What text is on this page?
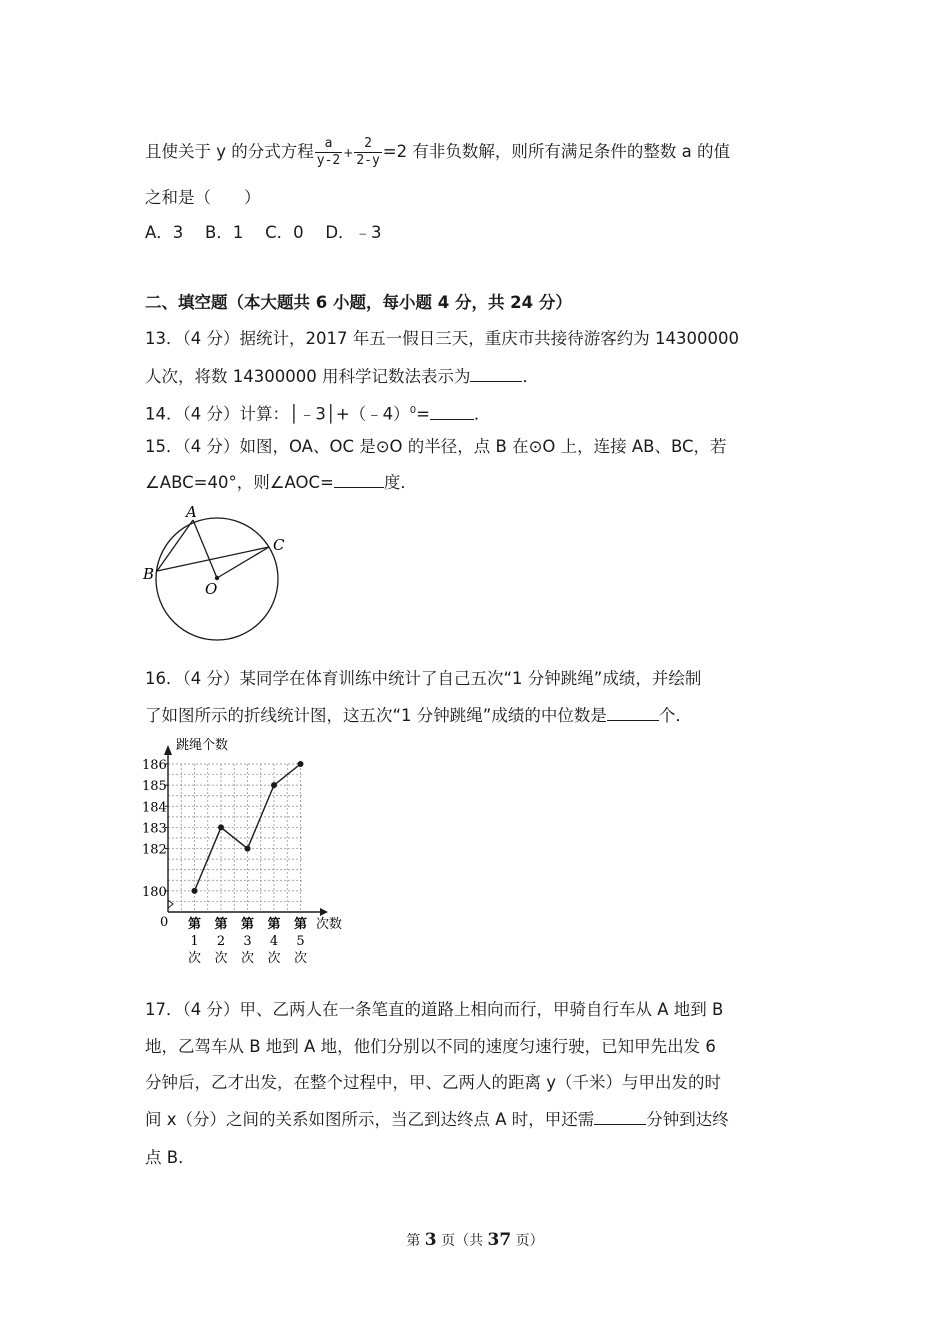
且使关于 y 的分式方程 $\frac{a}{y-2} + \frac{2}{2-y} =2$ 有非负数解，则所有满足条件的整数 a 的值
之和是（　　）
A．3　 B．1　 C．0　 D．﹣3
二、填空题（本大题共 6 小题，每小题 4 分，共 24 分）
13．（4 分）据统计，2017 年五一假日三天，重庆市共接待游客约为 14300000
人次，将数 14300000 用科学记数法表示为	．
14．（4 分）计算：│﹣3│+（﹣4）$^0$=	．
15．（4 分）如图，OA、OC 是⊙O 的半径，点 B 在⊙O 上，连接 AB、BC，若
∠ABC=40°，则∠AOC=	度．
A
B
C
O
16．（4 分）某同学在体育训练中统计了自己五次“1 分钟跳绳”成绩，并绘制
了如图所示的折线统计图，这五次“1 分钟跳绳”成绩的中位数是	个．
180
182
183
184
185
186
0
跳绳个数
次数
第
1
次
第
2
次
第
3
次
第
4
次
第
5
次
17．（4 分）甲、乙两人在一条笔直的道路上相向而行，甲骑自行车从 A 地到 B
地，乙驾车从 B 地到 A 地，他们分别以不同的速度匀速行驶，已知甲先出发 6
分钟后，乙才出发，在整个过程中，甲、乙两人的距离 y（千米）与甲出发的时
间 x（分）之间的关系如图所示，当乙到达终点 A 时，甲还需	分钟到达终
点 B．
第 3 页（共 37 页）
